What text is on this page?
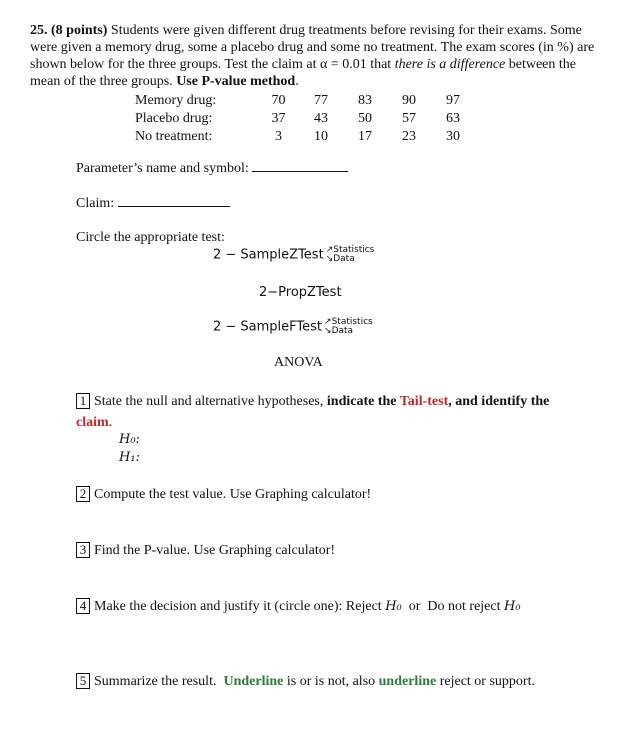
25. (8 points) Students were given different drug treatments before revising for their exams. Some were given a memory drug, some a placebo drug and some no treatment. The exam scores (in %) are shown below for the three groups. Test the claim at α = 0.01 that there is a difference between the mean of the three groups. Use P-value method.
Memory drug:	70	77	83	90	97
Placebo drug:	37	43	50	57	63
No treatment:	3	10	17	23	30
Parameter’s name and symbol:
Claim:
Circle the appropriate test:
2 − SampleZTest ↗Statistics
↘Data
2−PropZTest
2 − SampleFTest ↗Statistics
↘Data
ANOVA
1 State the null and alternative hypotheses, indicate the Tail-test, and identify the claim.
H₀:
H₁:
2 Compute the test value. Use Graphing calculator!
3 Find the P-value. Use Graphing calculator!
4 Make the decision and justify it (circle one): Reject H₀  or  Do not reject H₀
5 Summarize the result.  Underline is or is not, also underline reject or support.
